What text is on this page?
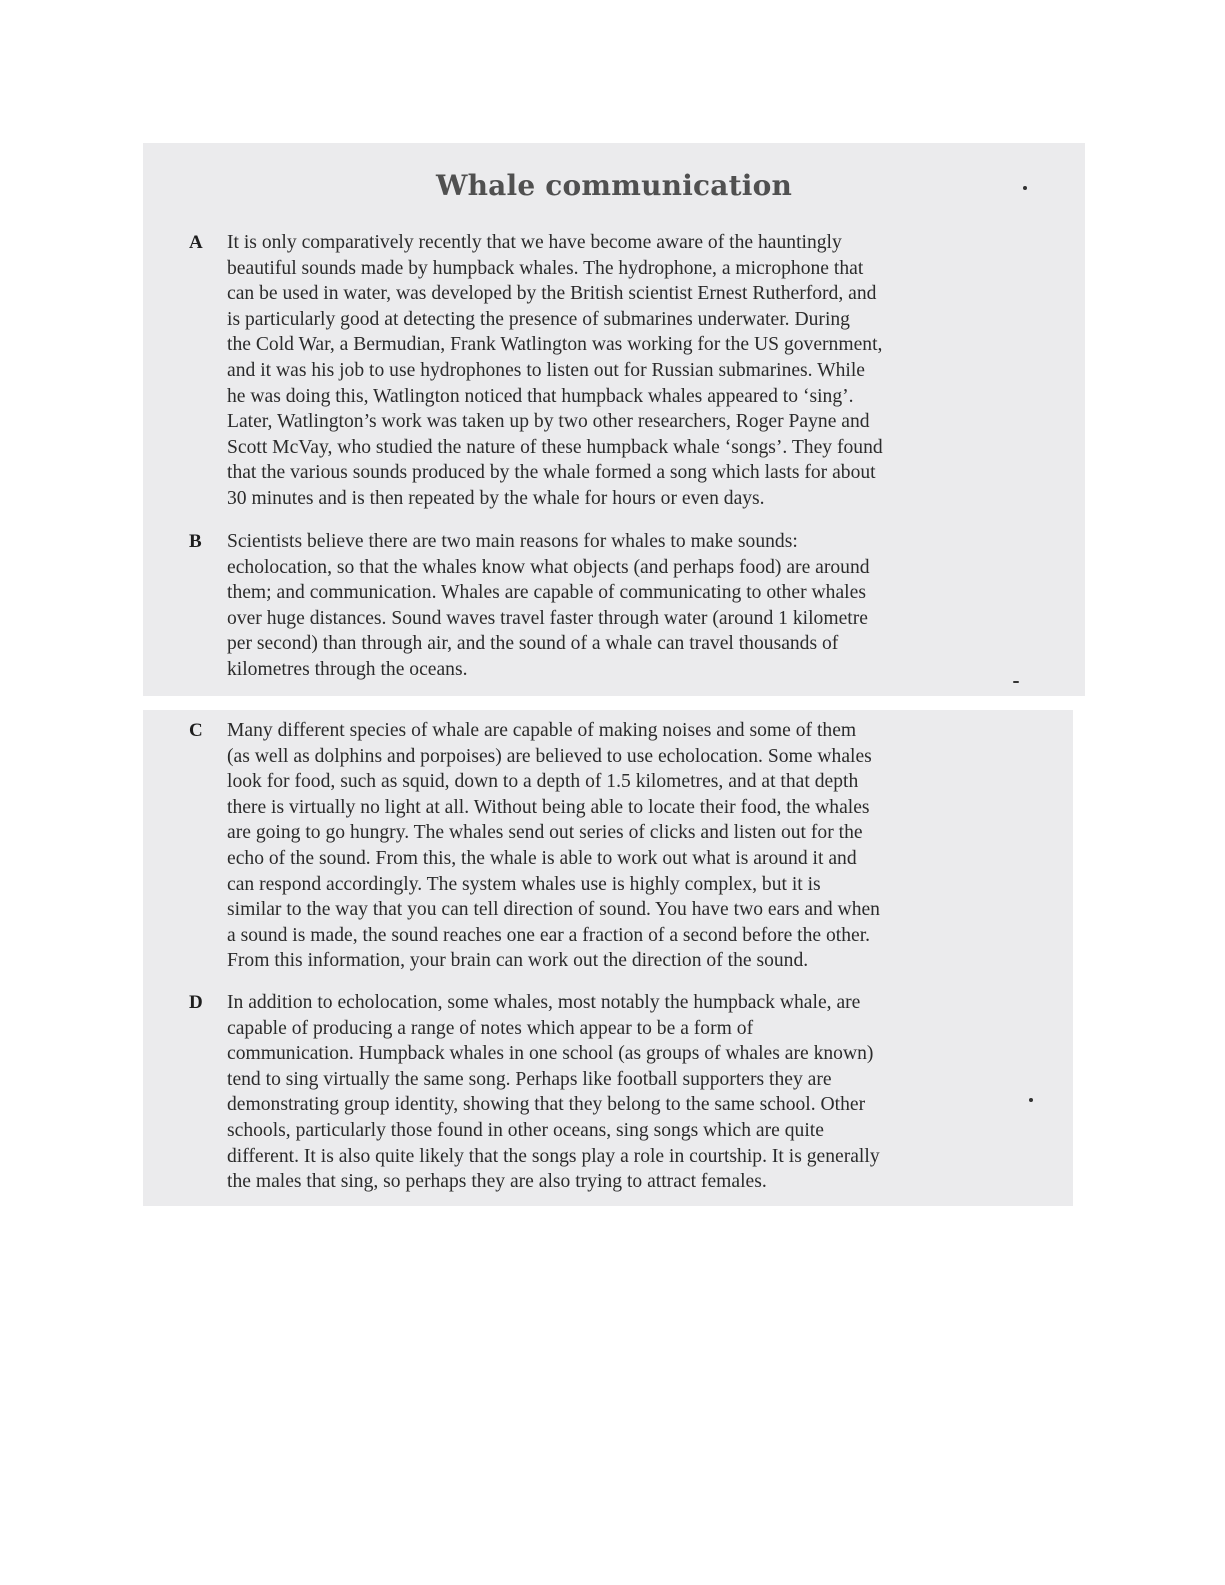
Whale communication
A It is only comparatively recently that we have become aware of the hauntingly
beautiful sounds made by humpback whales. The hydrophone, a microphone that
can be used in water, was developed by the British scientist Ernest Rutherford, and
is particularly good at detecting the presence of submarines underwater. During
the Cold War, a Bermudian, Frank Watlington was working for the US government,
and it was his job to use hydrophones to listen out for Russian submarines. While
he was doing this, Watlington noticed that humpback whales appeared to ‘sing’.
Later, Watlington’s work was taken up by two other researchers, Roger Payne and
Scott McVay, who studied the nature of these humpback whale ‘songs’. They found
that the various sounds produced by the whale formed a song which lasts for about
30 minutes and is then repeated by the whale for hours or even days.

B Scientists believe there are two main reasons for whales to make sounds:
echolocation, so that the whales know what objects (and perhaps food) are around
them; and communication. Whales are capable of communicating to other whales
over huge distances. Sound waves travel faster through water (around 1 kilometre
per second) than through air, and the sound of a whale can travel thousands of
kilometres through the oceans.

C Many different species of whale are capable of making noises and some of them
(as well as dolphins and porpoises) are believed to use echolocation. Some whales
look for food, such as squid, down to a depth of 1.5 kilometres, and at that depth
there is virtually no light at all. Without being able to locate their food, the whales
are going to go hungry. The whales send out series of clicks and listen out for the
echo of the sound. From this, the whale is able to work out what is around it and
can respond accordingly. The system whales use is highly complex, but it is
similar to the way that you can tell direction of sound. You have two ears and when
a sound is made, the sound reaches one ear a fraction of a second before the other.
From this information, your brain can work out the direction of the sound.

D In addition to echolocation, some whales, most notably the humpback whale, are
capable of producing a range of notes which appear to be a form of
communication. Humpback whales in one school (as groups of whales are known)
tend to sing virtually the same song. Perhaps like football supporters they are
demonstrating group identity, showing that they belong to the same school. Other
schools, particularly those found in other oceans, sing songs which are quite
different. It is also quite likely that the songs play a role in courtship. It is generally
the males that sing, so perhaps they are also trying to attract females.
